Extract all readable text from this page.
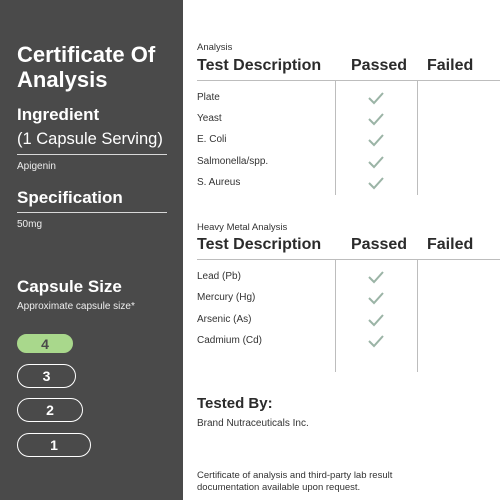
Certificate Of Analysis
Ingredient
(1 Capsule Serving)
Apigenin
Specification
50mg
Capsule Size
Approximate capsule size*
4
3
2
1
Analysis
Test Description Passed Failed
Plate
Yeast
E. Coli
Salmonella/spp.
S. Aureus
Heavy Metal Analysis
Test Description Passed Failed
Lead (Pb)
Mercury (Hg)
Arsenic (As)
Cadmium (Cd)
Tested By:
Brand Nutraceuticals Inc.
Certificate of analysis and third-party lab result documentation available upon request.
